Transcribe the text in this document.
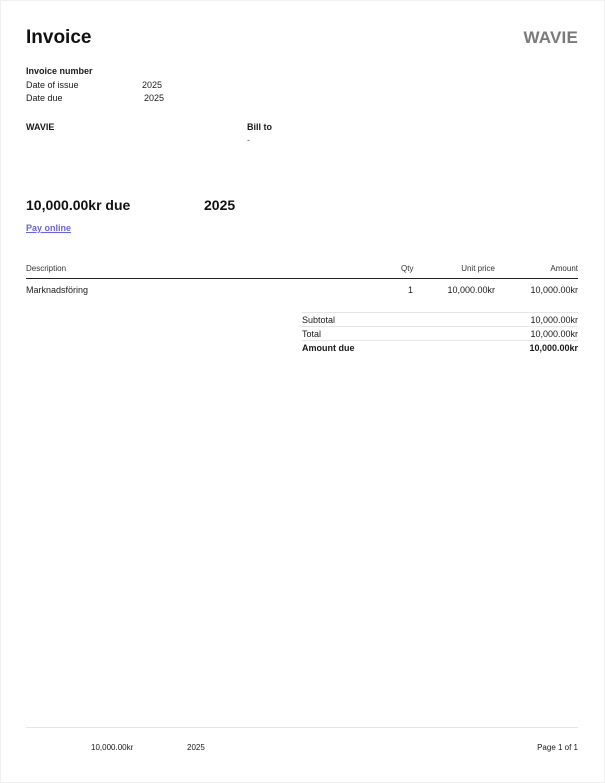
Invoice	WAVIE
Invoice number
Date of issue	2025
Date due	2025
WAVIE	Bill to
-
10,000.00kr due	2025
Pay online
Description	Qty	Unit price	Amount
Marknadsföring	1	10,000.00kr	10,000.00kr
Subtotal	10,000.00kr
Total	10,000.00kr
Amount due	10,000.00kr
10,000.00kr	2025	Page 1 of 1
